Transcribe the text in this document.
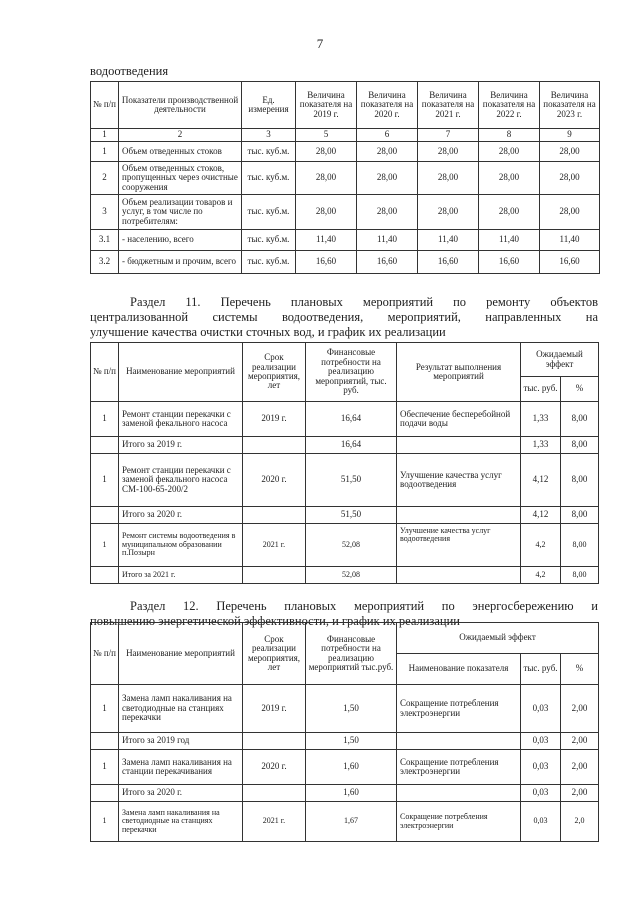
7
водоотведения
№ п/п	Показатели производственной деятельности	Ед. измерения	Величина показателя на 2019 г.	Величина показателя на 2020 г.	Величина показателя на 2021 г.	Величина показателя на 2022 г.	Величина показателя на 2023 г.
1	2	3	5	6	7	8	9
1	Объем отведенных стоков	тыс. куб.м.	28,00	28,00	28,00	28,00	28,00
2	Объем отведенных стоков, пропущенных через очистные сооружения	тыс. куб.м.	28,00	28,00	28,00	28,00	28,00
3	Объем реализации товаров и услуг, в том числе по потребителям:	тыс. куб.м.	28,00	28,00	28,00	28,00	28,00
3.1	- населению, всего	тыс. куб.м.	11,40	11,40	11,40	11,40	11,40
3.2	- бюджетным и прочим, всего	тыс. куб.м.	16,60	16,60	16,60	16,60	16,60
Раздел 11. Перечень плановых мероприятий по ремонту объектов
централизованной системы водоотведения, мероприятий, направленных на
улучшение качества очистки сточных вод, и график их реализации
№ п/п	Наименование мероприятий	Срок реализации мероприятия, лет	Финансовые потребности на реализацию мероприятий, тыс. руб.	Результат выполнения мероприятий	Ожидаемый эффект	
					тыс. руб.	%
1	Ремонт станции перекачки с заменой фекального насоса	2019 г.	16,64	Обеспечение бесперебойной подачи воды	1,33	8,00
	Итого за 2019 г.		16,64		1,33	8,00
1	Ремонт станции перекачки с заменой фекального насоса СМ-100-65-200/2	2020 г.	51,50	Улучшение качества услуг водоотведения	4,12	8,00
	Итого за 2020 г.		51,50		4,12	8,00
1	Ремонт системы водоотведения в муниципальном образовании п.Позырн	2021 г.	52,08	Улучшение качества услуг водоотведения	4,2	8,00
	Итого за 2021 г.		52,08		4,2	8,00
Раздел 12. Перечень плановых мероприятий по энергосбережению и
повышению энергетической эффективности, и график их реализации
№ п/п	Наименование мероприятий	Срок реализации мероприятия, лет	Финансовые потребности на реализацию мероприятий тыс.руб.	Ожидаемый эффект		
				Наименование показателя	тыс. руб.	%
1	Замена ламп накаливания на светодиодные на станциях перекачки	2019 г.	1,50	Сокращение потребления электроэнергии	0,03	2,00
	Итого за 2019 год		1,50		0,03	2,00
1	Замена ламп накаливания на станции перекачивания	2020 г.	1,60	Сокращение потребления электроэнергии	0,03	2,00
	Итого за 2020 г.		1,60		0,03	2,00
1	Замена ламп накаливания на светодиодные на станциях перекачки	2021 г.	1,67	Сокращение потребления электроэнергии	0,03	2,0
